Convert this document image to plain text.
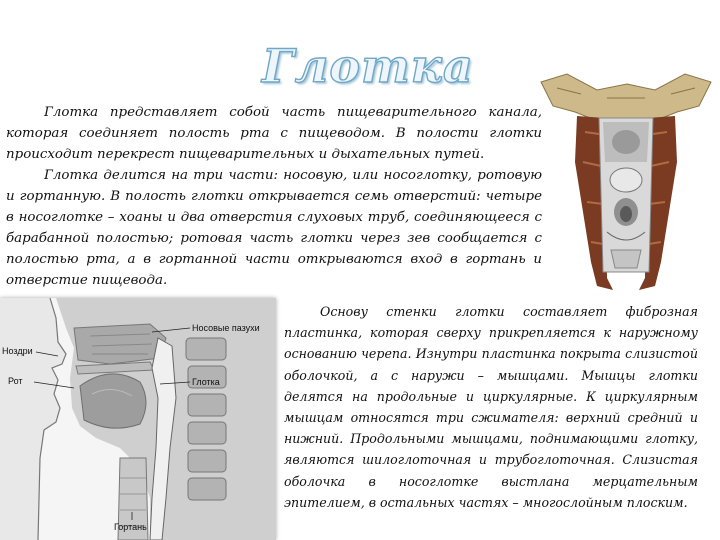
Глотка

Глотка представляет собой часть пищеварительного канала, которая соединяет полость рта с пищеводом. В полости глотки происходит перекрест пищеварительных и дыхательных путей.

Глотка делится на три части: носовую, или носоглотку, ротовую и гортанную. В полость глотки открывается семь отверстий: четыре в носоглотке – хоаны и два отверстия слуховых труб, соединяющееся с барабанной полостью; ротовая часть глотки через зев сообщается с полостью рта, а в гортанной части открываются вход в гортань и отверстие пищевода.

Носовые пазухи
Ноздри
Рот	Глотка
Гортань

Основу стенки глотки составляет фиброзная пластинка, которая сверху прикрепляется к наружному основанию черепа. Изнутри пластинка покрыта слизистой оболочкой, а с наружи – мышцами. Мышцы глотки делятся на продольные и циркулярные. К циркулярным мышцам относятся три сжимателя: верхний средний и нижний. Продольными мышцами, поднимающими глотку, являются шилоглоточная и трубоглоточная. Слизистая оболочка в носоглотке выстлана мерцательным эпителием, в остальных частях – многослойным плоским.
